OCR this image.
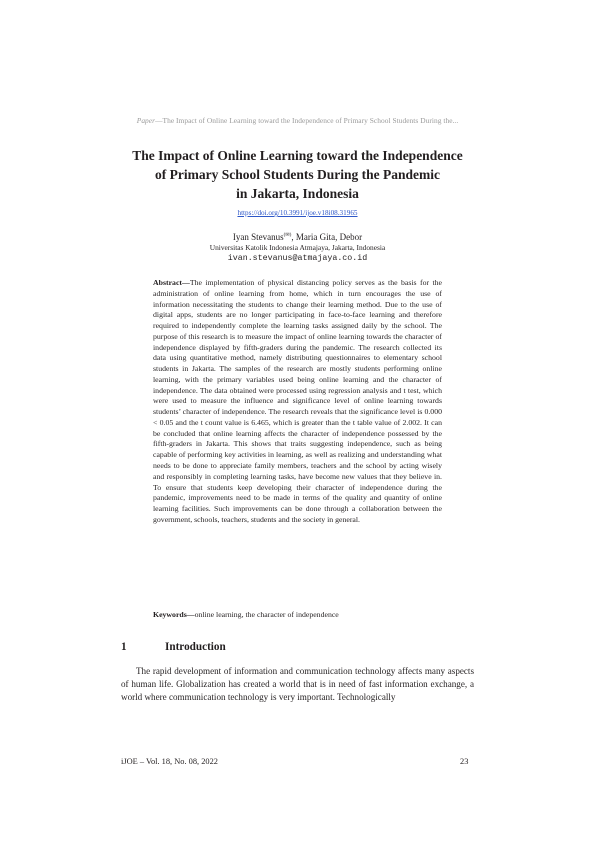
Paper—The Impact of Online Learning toward the Independence of Primary School Students During the...
The Impact of Online Learning toward the Independence
of Primary School Students During the Pandemic
in Jakarta, Indonesia
https://doi.org/10.3991/ijoe.v18i08.31965
Iyan Stevanus(✉), Maria Gita, Debor
Universitas Katolik Indonesia Atmajaya, Jakarta, Indonesia
ivan.stevanus@atmajaya.co.id

Abstract—The implementation of physical distancing policy serves as the basis for the administration of online learning from home, which in turn encourages the use of information necessitating the students to change their learning method. Due to the use of digital apps, students are no longer participating in face-to-face learning and therefore required to independently complete the learning tasks assigned daily by the school. The purpose of this research is to measure the impact of online learning towards the character of independence displayed by fifth-graders during the pandemic. The research collected its data using quantitative method, namely distributing questionnaires to elementary school students in Jakarta. The samples of the research are mostly students performing online learning, with the primary variables used being online learning and the character of independence. The data obtained were processed using regression analysis and t test, which were used to measure the influence and significance level of online learning towards students’ character of independence. The research reveals that the significance level is 0.000 < 0.05 and the t count value is 6.465, which is greater than the t table value of 2.002. It can be concluded that online learning affects the character of independence possessed by the fifth-graders in Jakarta. This shows that traits suggesting independence, such as being capable of performing key activities in learning, as well as realizing and understanding what needs to be done to appreciate family members, teachers and the school by acting wisely and responsibly in completing learning tasks, have become new values that they believe in. To ensure that students keep developing their character of independence during the pandemic, improvements need to be made in terms of the quality and quantity of online learning facilities. Such improvements can be done through a collaboration between the government, schools, teachers, students and the society in general.

Keywords—online learning, the character of independence

1	Introduction

The rapid development of information and communication technology affects many aspects of human life. Globalization has created a world that is in need of fast information exchange, a world where communication technology is very important. Technologically

iJOE ‒ Vol. 18, No. 08, 2022	23
